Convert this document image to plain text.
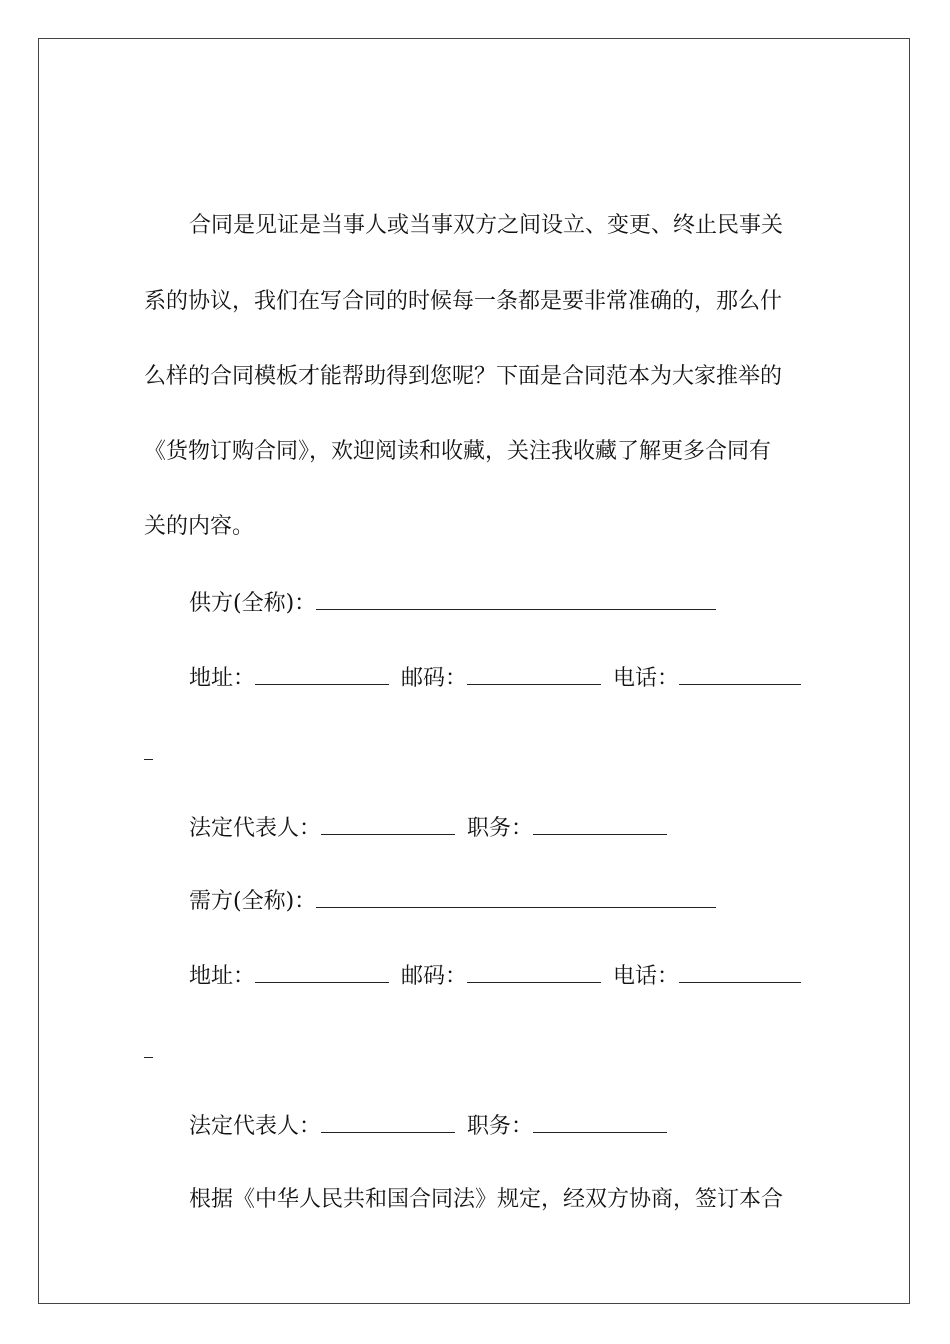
合同是见证是当事人或当事双方之间设立、变更、终止民事关
系的协议，我们在写合同的时候每一条都是要非常准确的，那么什
么样的合同模板才能帮助得到您呢？下面是合同范本为大家推举的
《货物订购合同》，欢迎阅读和收藏，关注我收藏了解更多合同有
关的内容。
供方(全称)：
地址：	邮码：	电话：
法定代表人：	职务：
需方(全称)：
地址：	邮码：	电话：
法定代表人：	职务：
根据《中华人民共和国合同法》规定，经双方协商，签订本合
